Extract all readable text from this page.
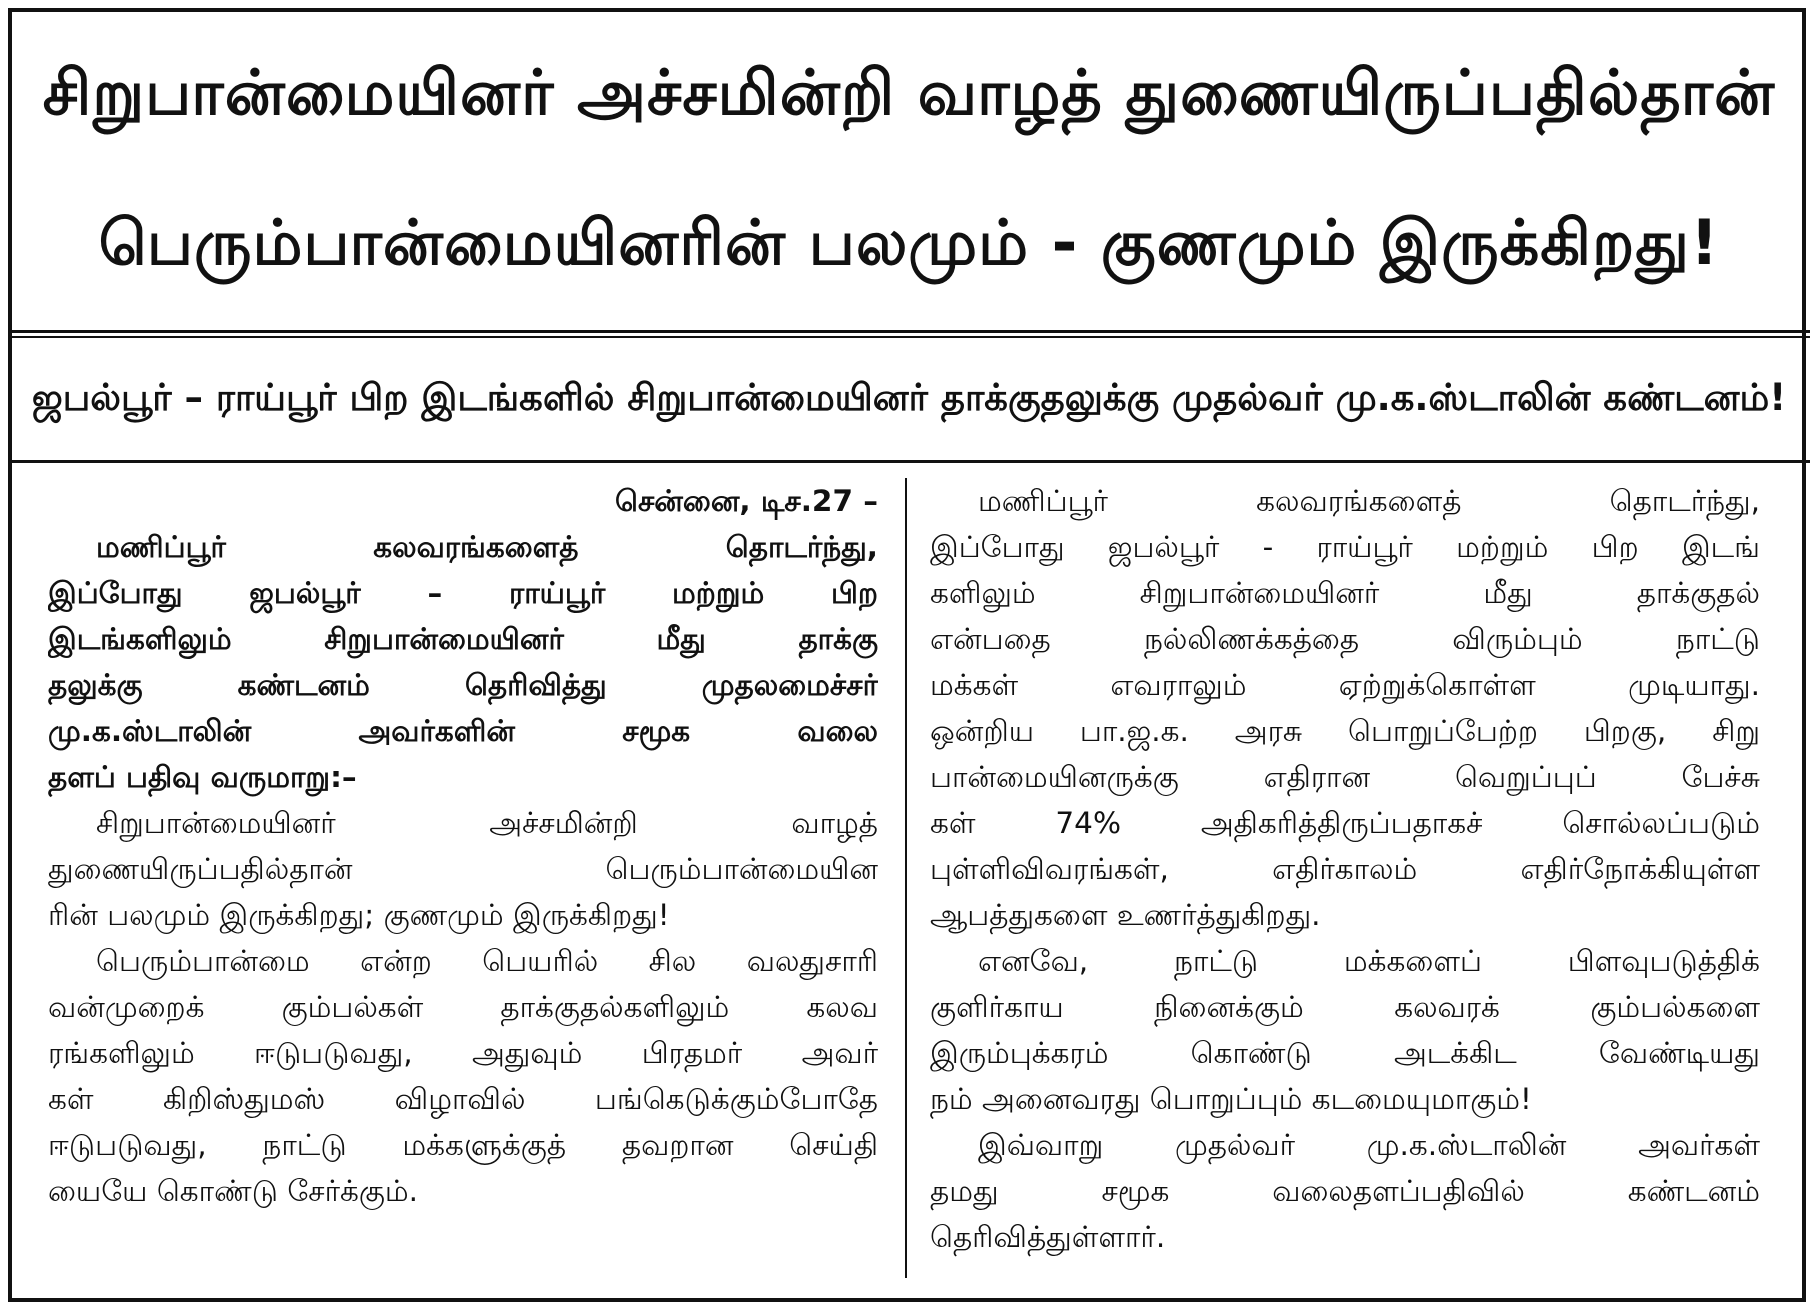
சிறுபான்மையினர் அச்சமின்றி வாழத் துணையிருப்பதில்தான்
பெரும்பான்மையினரின் பலமும் - குணமும் இருக்கிறது!
ஜபல்பூர் – ராய்பூர் பிற இடங்களில் சிறுபான்மையினர் தாக்குதலுக்கு முதல்வர் மு.க.ஸ்டாலின் கண்டனம்!
சென்னை, டிச.27 –
மணிப்பூர் கலவரங்களைத் தொடர்ந்து,
இப்போது ஜபல்பூர் – ராய்பூர் மற்றும் பிற
இடங்களிலும் சிறுபான்மையினர் மீது தாக்கு
தலுக்கு கண்டனம் தெரிவித்து முதலமைச்சர்
மு.க.ஸ்டாலின் அவர்களின் சமூக வலை
தளப் பதிவு வருமாறு:–
சிறுபான்மையினர் அச்சமின்றி வாழத்
துணையிருப்பதில்தான் பெரும்பான்மையின
ரின் பலமும் இருக்கிறது; குணமும் இருக்கிறது!
பெரும்பான்மை என்ற பெயரில் சில வலதுசாரி
வன்முறைக் கும்பல்கள் தாக்குதல்களிலும் கலவ
ரங்களிலும் ஈடுபடுவது, அதுவும் பிரதமர் அவர்
கள் கிறிஸ்துமஸ் விழாவில் பங்கெடுக்கும்போதே
ஈடுபடுவது, நாட்டு மக்களுக்குத் தவறான செய்தி
யையே கொண்டு சேர்க்கும்.
மணிப்பூர் கலவரங்களைத் தொடர்ந்து,
இப்போது ஜபல்பூர் - ராய்பூர் மற்றும் பிற இடங்
களிலும் சிறுபான்மையினர் மீது தாக்குதல்
என்பதை நல்லிணக்கத்தை விரும்பும் நாட்டு
மக்கள் எவராலும் ஏற்றுக்கொள்ள முடியாது.
ஒன்றிய பா.ஜ.க. அரசு பொறுப்பேற்ற பிறகு, சிறு
பான்மையினருக்கு எதிரான வெறுப்புப் பேச்சு
கள் 74% அதிகரித்திருப்பதாகச் சொல்லப்படும்
புள்ளிவிவரங்கள், எதிர்காலம் எதிர்நோக்கியுள்ள
ஆபத்துகளை உணர்த்துகிறது.
எனவே, நாட்டு மக்களைப் பிளவுபடுத்திக்
குளிர்காய நினைக்கும் கலவரக் கும்பல்களை
இரும்புக்கரம் கொண்டு அடக்கிட வேண்டியது
நம் அனைவரது பொறுப்பும் கடமையுமாகும்!
இவ்வாறு முதல்வர் மு.க.ஸ்டாலின் அவர்கள்
தமது சமூக வலைதளப்பதிவில் கண்டனம்
தெரிவித்துள்ளார்.
